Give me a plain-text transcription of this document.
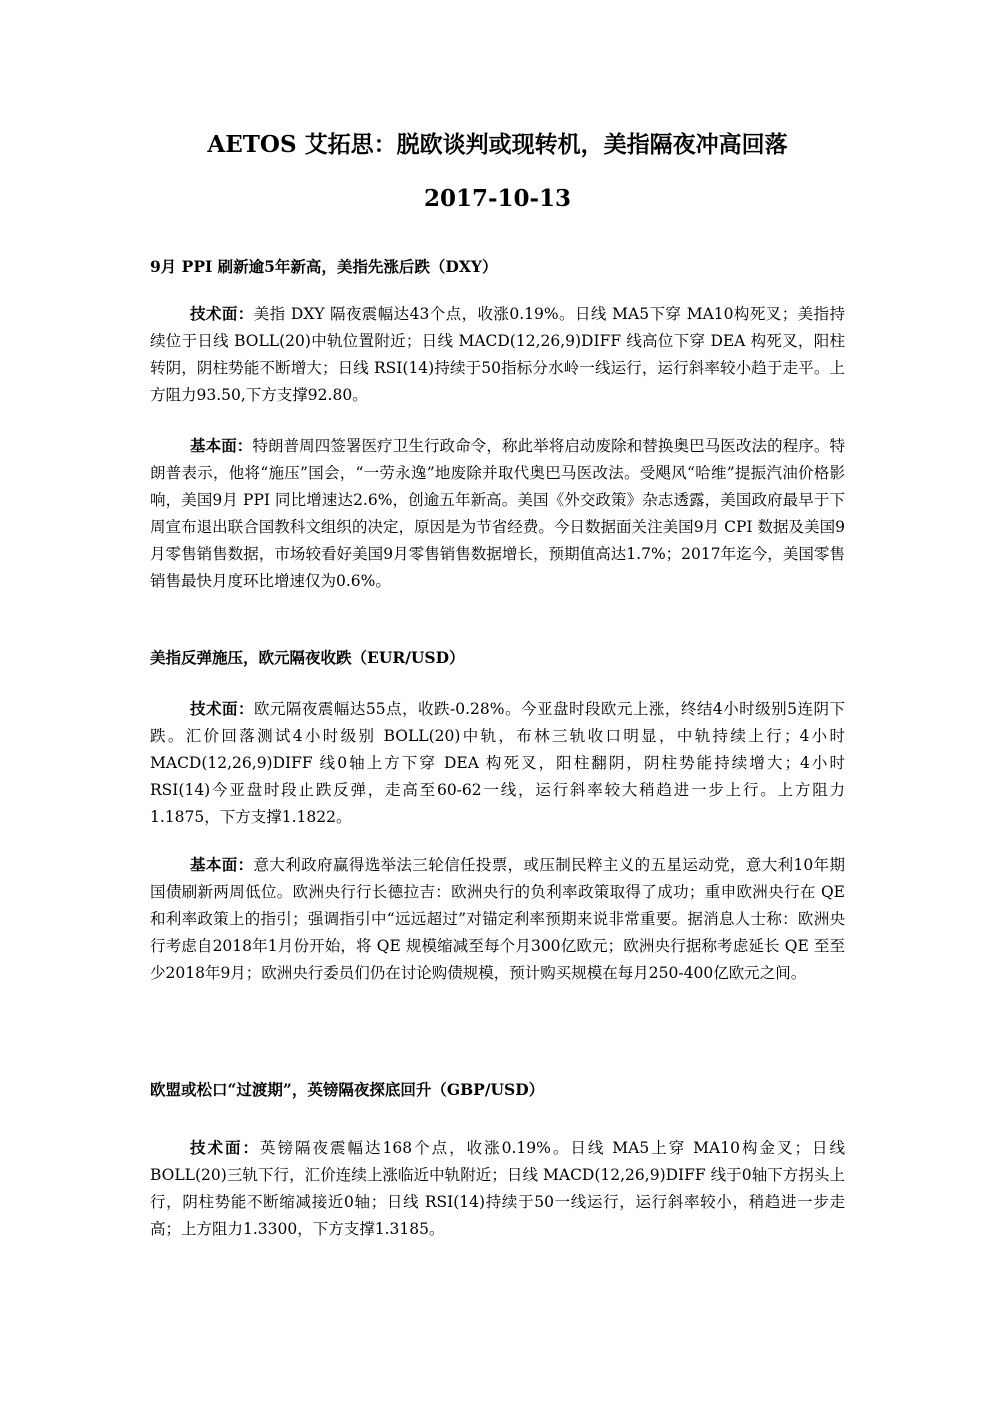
AETOS 艾拓思：脱欧谈判或现转机，美指隔夜冲高回落
2017-10-13
9月 PPI 刷新逾5年新高，美指先涨后跌（DXY）

技术面：美指 DXY 隔夜震幅达43个点，收涨0.19%。日线 MA5下穿 MA10构死叉；美指持续位于日线 BOLL(20)中轨位置附近；日线 MACD(12,26,9)DIFF 线高位下穿 DEA 构死叉，阳柱转阴，阴柱势能不断增大；日线 RSI(14)持续于50指标分水岭一线运行，运行斜率较小趋于走平。上方阻力93.50,下方支撑92.80。

基本面：特朗普周四签署医疗卫生行政命令，称此举将启动废除和替换奥巴马医改法的程序。特朗普表示，他将“施压”国会，“一劳永逸”地废除并取代奥巴马医改法。受飓风“哈维”提振汽油价格影响，美国9月 PPI 同比增速达2.6%，创逾五年新高。美国《外交政策》杂志透露，美国政府最早于下周宣布退出联合国教科文组织的决定，原因是为节省经费。今日数据面关注美国9月 CPI 数据及美国9月零售销售数据，市场较看好美国9月零售销售数据增长，预期值高达1.7%；2017年迄今，美国零售销售最快月度环比增速仅为0.6%。

美指反弹施压，欧元隔夜收跌（EUR/USD）

技术面：欧元隔夜震幅达55点，收跌-0.28%。今亚盘时段欧元上涨，终结4小时级别5连阴下跌。汇价回落测试4小时级别 BOLL(20)中轨，布林三轨收口明显，中轨持续上行；4小时 MACD(12,26,9)DIFF 线0轴上方下穿 DEA 构死叉，阳柱翻阴，阴柱势能持续增大；4小时 RSI(14)今亚盘时段止跌反弹，走高至60-62一线，运行斜率较大稍趋进一步上行。上方阻力1.1875，下方支撑1.1822。

基本面：意大利政府赢得选举法三轮信任投票，或压制民粹主义的五星运动党，意大利10年期国债刷新两周低位。欧洲央行行长德拉吉：欧洲央行的负利率政策取得了成功；重申欧洲央行在 QE 和利率政策上的指引；强调指引中“远远超过”对锚定利率预期来说非常重要。据消息人士称：欧洲央行考虑自2018年1月份开始，将 QE 规模缩减至每个月300亿欧元；欧洲央行据称考虑延长 QE 至至少2018年9月；欧洲央行委员们仍在讨论购债规模，预计购买规模在每月250-400亿欧元之间。

欧盟或松口“过渡期”，英镑隔夜探底回升（GBP/USD）

技术面：英镑隔夜震幅达168个点，收涨0.19%。日线 MA5上穿 MA10构金叉；日线 BOLL(20)三轨下行，汇价连续上涨临近中轨附近；日线 MACD(12,26,9)DIFF 线于0轴下方拐头上行，阴柱势能不断缩减接近0轴；日线 RSI(14)持续于50一线运行，运行斜率较小，稍趋进一步走高；上方阻力1.3300，下方支撑1.3185。
